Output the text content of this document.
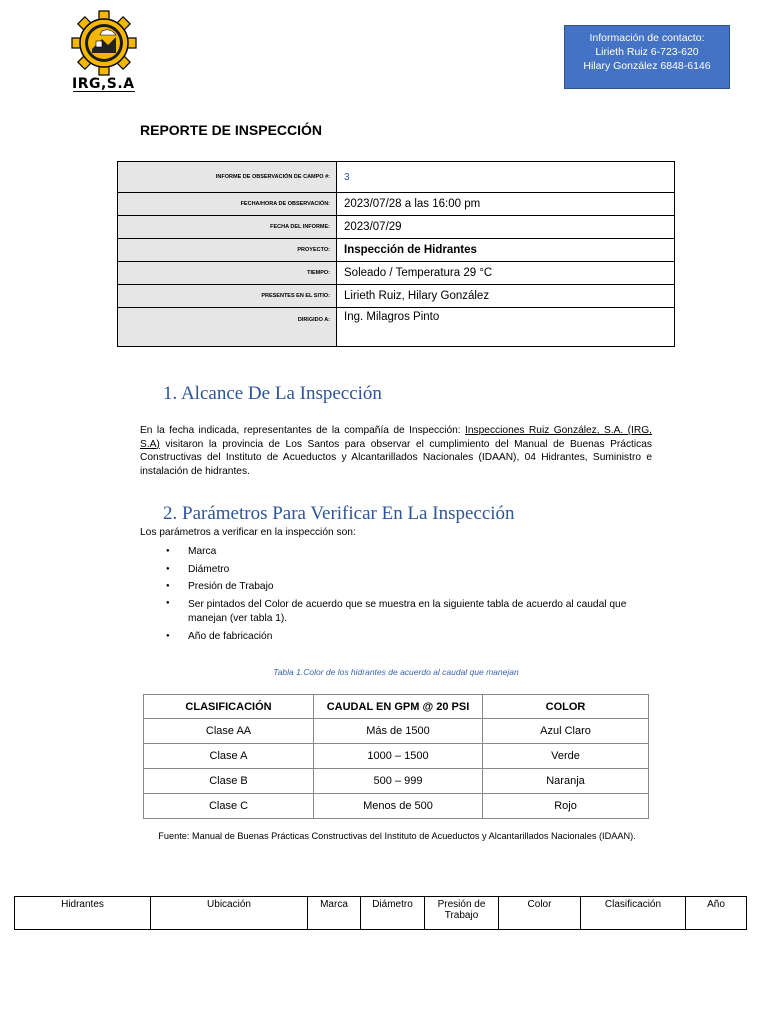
IRG,S.A
Información de contacto:
Lirieth Ruiz 6-723-620
Hilary González 6848-6146
REPORTE DE INSPECCIÓN
INFORME DE OBSERVACIÓN DE CAMPO #:	3
FECHA/HORA DE OBSERVACIÓN:	2023/07/28 a las 16:00 pm
FECHA DEL INFORME:	2023/07/29
PROYECTO:	Inspección de Hidrantes
TIEMPO:	Soleado / Temperatura 29 °C
PRESENTES EN EL SITIO:	Lirieth Ruiz, Hilary González
DIRIGIDO A:	Ing. Milagros Pinto
1. Alcance De La Inspección
En la fecha indicada, representantes de la compañía de Inspección: Inspecciones Ruiz González, S.A. (IRG, S.A) visitaron la provincia de Los Santos para observar el cumplimiento del Manual de Buenas Prácticas Constructivas del Instituto de Acueductos y Alcantarillados Nacionales (IDAAN), 04 Hidrantes, Suministro e instalación de hidrantes.
2. Parámetros Para Verificar En La Inspección
Los parámetros a verificar en la inspección son:
● Marca
● Diámetro
● Presión de Trabajo
● Ser pintados del Color de acuerdo que se muestra en la siguiente tabla de acuerdo al caudal que manejan (ver tabla 1).
● Año de fabricación
Tabla 1.Color de los hidrantes de acuerdo al caudal que manejan
CLASIFICACIÓN	CAUDAL EN GPM @ 20 PSI	COLOR
Clase AA	Más de 1500	Azul Claro
Clase A	1000 – 1500	Verde
Clase B	500 – 999	Naranja
Clase C	Menos de 500	Rojo
Fuente: Manual de Buenas Prácticas Constructivas del Instituto de Acueductos y Alcantarillados Nacionales (IDAAN).
Hidrantes	Ubicación	Marca	Diámetro	Presión de Trabajo	Color	Clasificación	Año
